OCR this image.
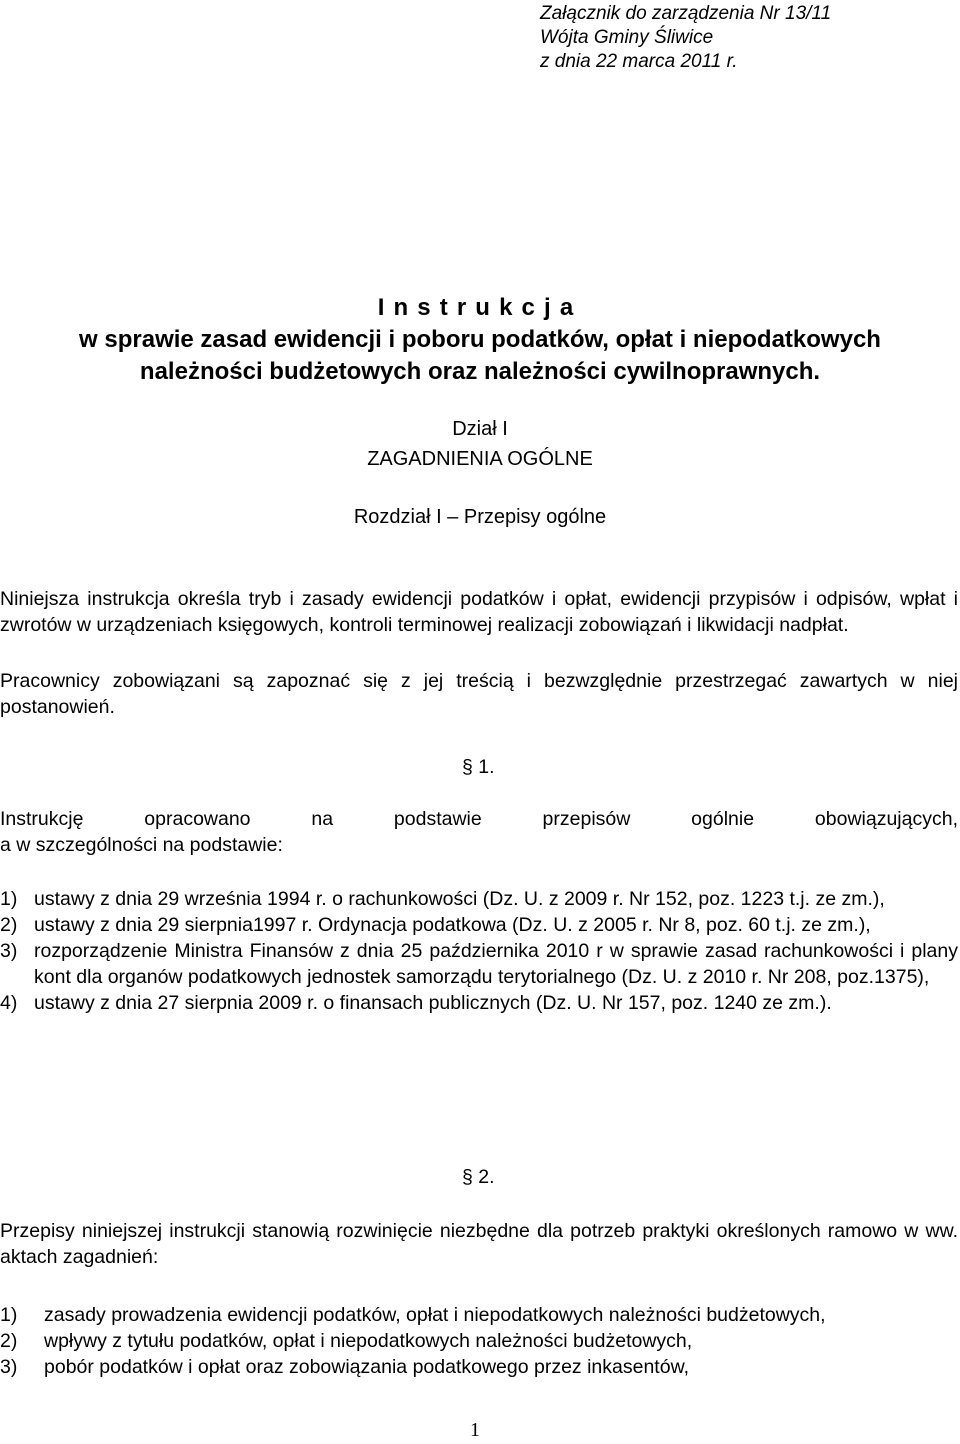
Załącznik do zarządzenia Nr 13/11
Wójta Gminy Śliwice
z dnia 22 marca 2011 r.
Instrukcja
w sprawie zasad ewidencji i poboru podatków, opłat i niepodatkowych
należności budżetowych oraz należności cywilnoprawnych.
Dział I
ZAGADNIENIA OGÓLNE
Rozdział I – Przepisy ogólne
Niniejsza instrukcja określa tryb i zasady ewidencji podatków i opłat, ewidencji przypisów i odpisów, wpłat i zwrotów w urządzeniach księgowych, kontroli terminowej realizacji zobowiązań i likwidacji nadpłat.
Pracownicy zobowiązani są zapoznać się z jej treścią i bezwzględnie przestrzegać zawartych w niej postanowień.
§ 1.
Instrukcję opracowano na podstawie przepisów ogólnie obowiązujących,
a w szczególności na podstawie:
1) ustawy z dnia 29 września 1994 r. o rachunkowości (Dz. U. z 2009 r. Nr 152, poz. 1223 t.j. ze zm.),
2) ustawy z dnia 29 sierpnia1997 r. Ordynacja podatkowa (Dz. U. z 2005 r. Nr 8, poz. 60 t.j. ze zm.),
3) rozporządzenie Ministra Finansów z dnia 25 października 2010 r w sprawie zasad rachunkowości i plany kont dla organów podatkowych jednostek samorządu terytorialnego (Dz. U. z 2010 r. Nr 208, poz.1375),
4) ustawy z dnia 27 sierpnia 2009 r. o finansach publicznych (Dz. U. Nr 157, poz. 1240 ze zm.).
§ 2.
Przepisy niniejszej instrukcji stanowią rozwinięcie niezbędne dla potrzeb praktyki określonych ramowo w ww. aktach zagadnień:
1) zasady prowadzenia ewidencji podatków, opłat i niepodatkowych należności budżetowych,
2) wpływy z tytułu podatków, opłat i niepodatkowych należności budżetowych,
3) pobór podatków i opłat oraz zobowiązania podatkowego przez inkasentów,
1
